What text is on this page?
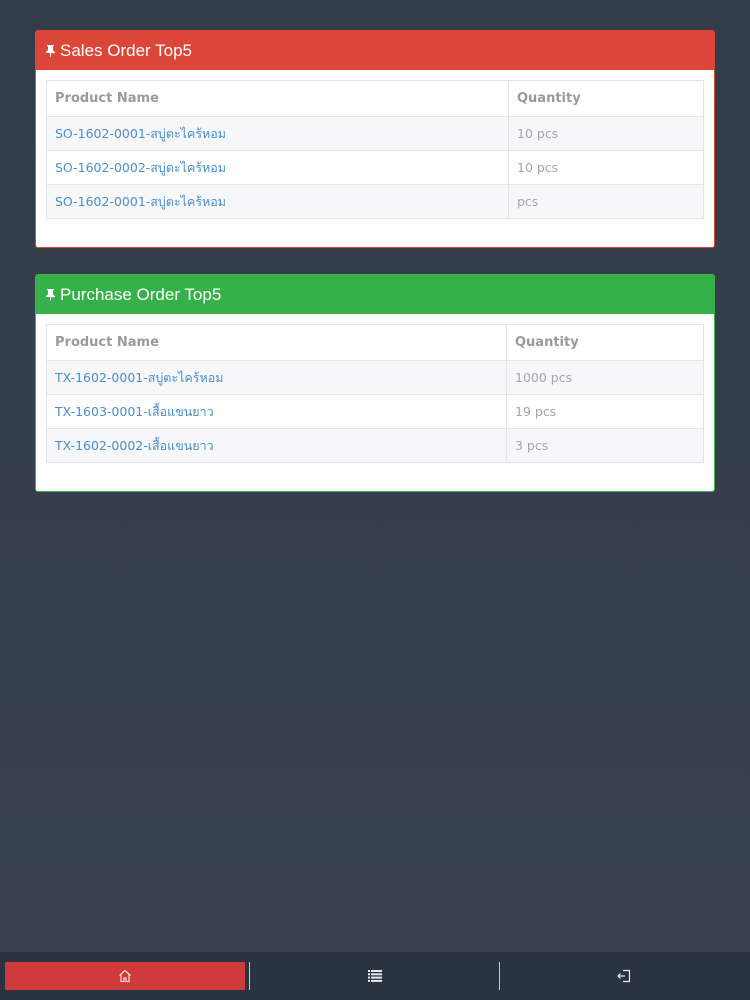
Sales Order Top5
Product Name	Quantity
SO-1602-0001-สบู่ตะไคร้หอม	10 pcs
SO-1602-0002-สบู่ตะไคร้หอม	10 pcs
SO-1602-0001-สบู่ตะไคร้หอม	pcs
Purchase Order Top5
Product Name	Quantity
TX-1602-0001-สบู่ตะไคร้หอม	1000 pcs
TX-1603-0001-เสื้อแขนยาว	19 pcs
TX-1602-0002-เสื้อแขนยาว	3 pcs
